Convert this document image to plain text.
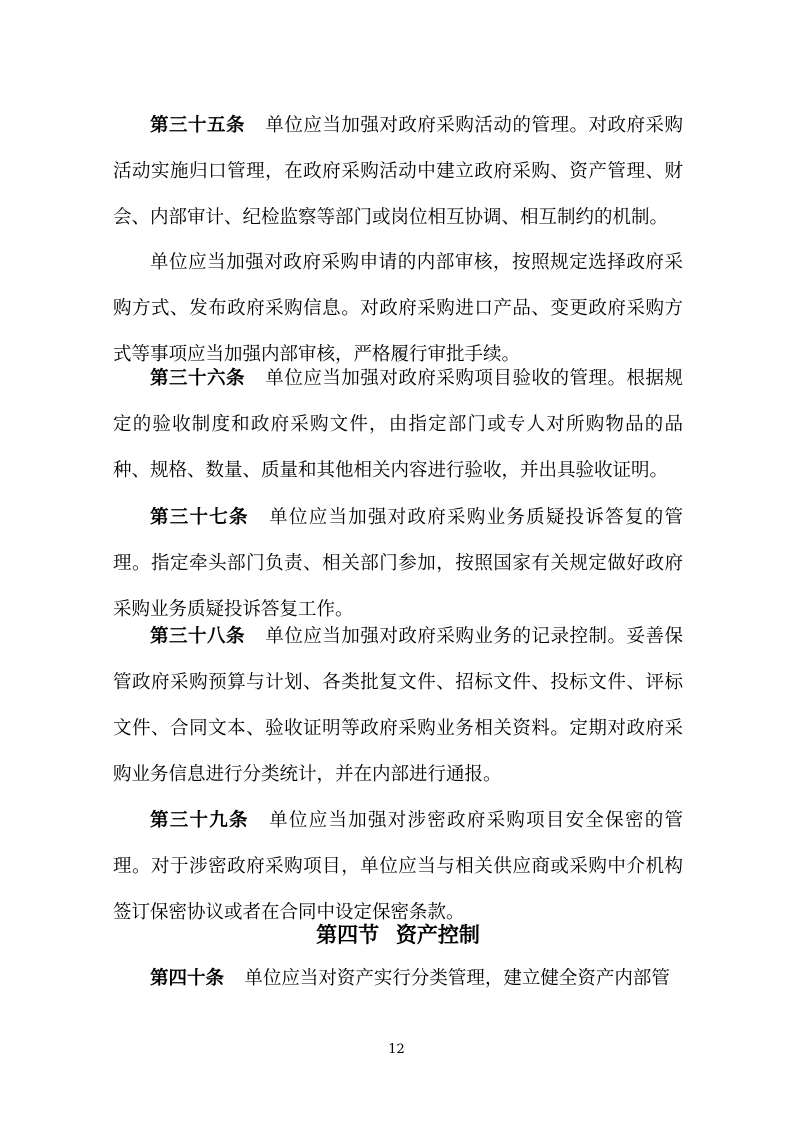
第三十五条 单位应当加强对政府采购活动的管理。对政府采购活动实施归口管理，在政府采购活动中建立政府采购、资产管理、财会、内部审计、纪检监察等部门或岗位相互协调、相互制约的机制。

单位应当加强对政府采购申请的内部审核，按照规定选择政府采购方式、发布政府采购信息。对政府采购进口产品、变更政府采购方式等事项应当加强内部审核，严格履行审批手续。

第三十六条 单位应当加强对政府采购项目验收的管理。根据规定的验收制度和政府采购文件，由指定部门或专人对所购物品的品种、规格、数量、质量和其他相关内容进行验收，并出具验收证明。

第三十七条 单位应当加强对政府采购业务质疑投诉答复的管理。指定牵头部门负责、相关部门参加，按照国家有关规定做好政府采购业务质疑投诉答复工作。

第三十八条 单位应当加强对政府采购业务的记录控制。妥善保管政府采购预算与计划、各类批复文件、招标文件、投标文件、评标文件、合同文本、验收证明等政府采购业务相关资料。定期对政府采购业务信息进行分类统计，并在内部进行通报。

第三十九条 单位应当加强对涉密政府采购项目安全保密的管理。对于涉密政府采购项目，单位应当与相关供应商或采购中介机构签订保密协议或者在合同中设定保密条款。

第四节 资产控制

第四十条 单位应当对资产实行分类管理，建立健全资产内部管

12
